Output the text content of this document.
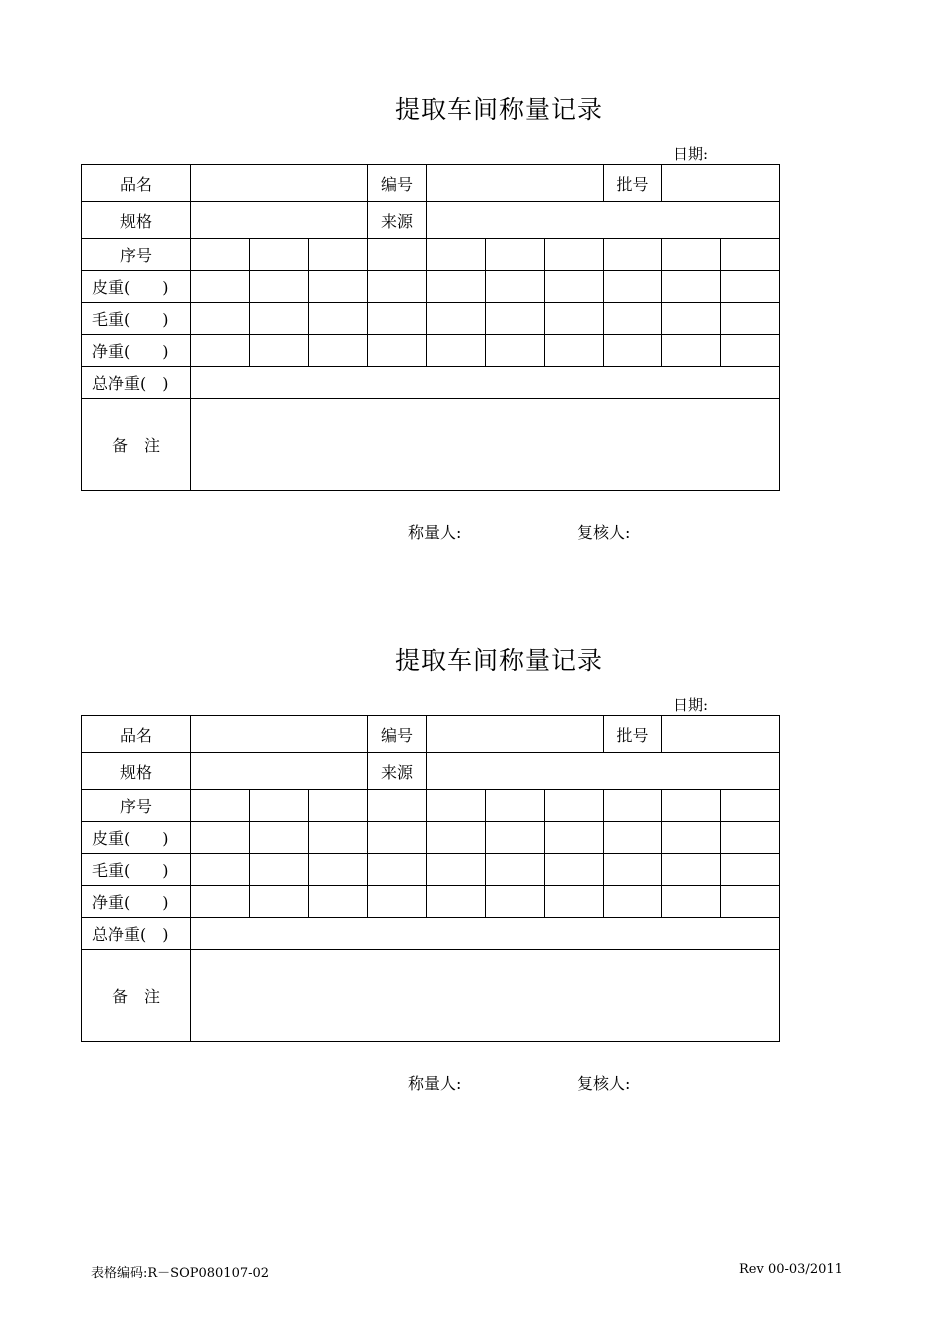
提取车间称量记录
日期:
品名				编号				批号		
规格				来源						
序号										
皮重(　　)										
毛重(　　)										
净重(　　)										
总净重(　)										
备　注										
称量人:	复核人:
提取车间称量记录
日期:
品名				编号				批号		
规格				来源						
序号										
皮重(　　)										
毛重(　　)										
净重(　　)										
总净重(　)										
备　注										
称量人:	复核人:
表格编码:R－SOP080107-02	Rev 00-03/2011
